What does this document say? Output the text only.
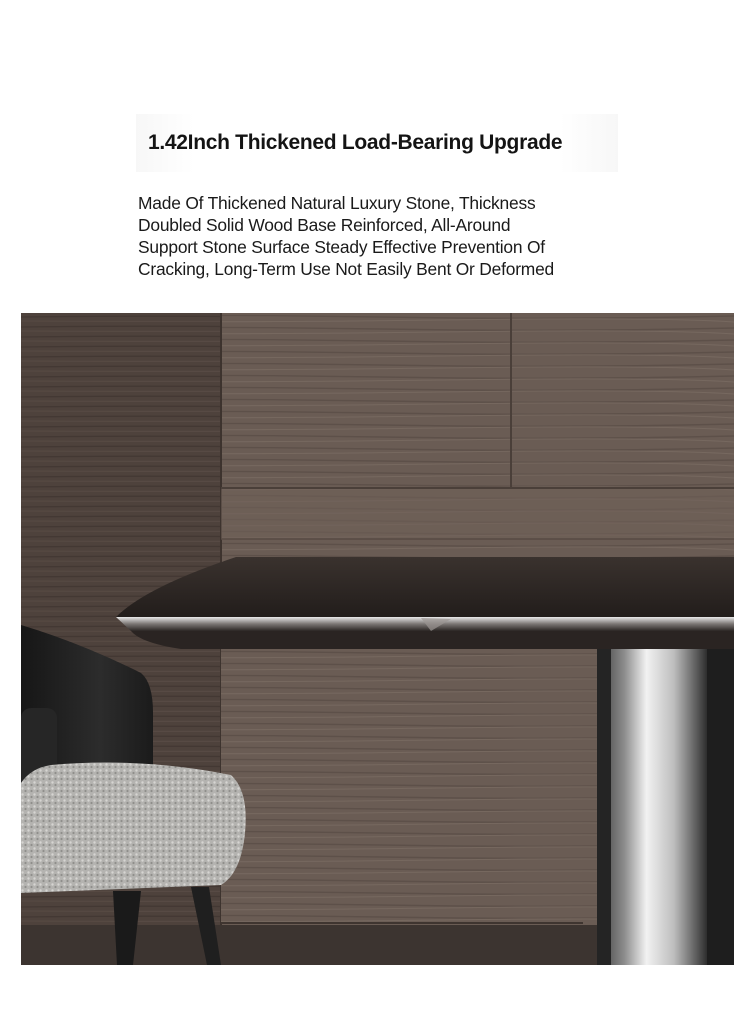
1.42Inch Thickened Load-Bearing Upgrade

Made Of Thickened Natural Luxury Stone, Thickness
Doubled Solid Wood Base Reinforced, All-Around
Support Stone Surface Steady Effective Prevention Of
Cracking, Long-Term Use Not Easily Bent Or Deformed
